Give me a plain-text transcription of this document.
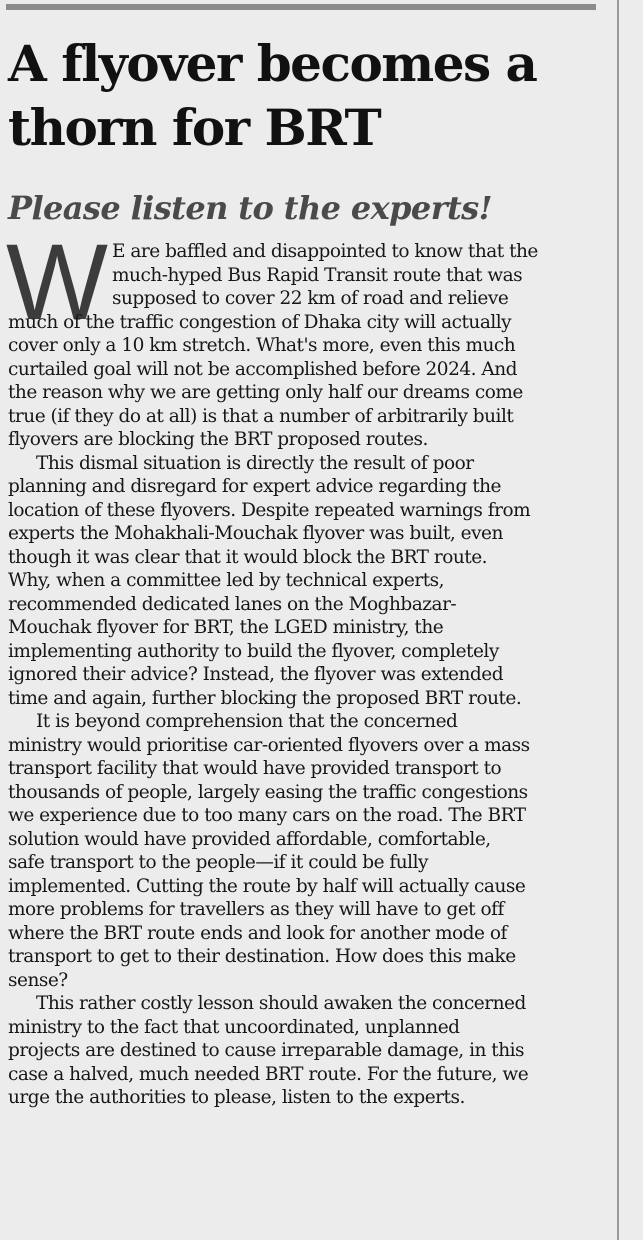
A flyover becomes a
thorn for BRT
Please listen to the experts!
W E are baffled and disappointed to know that the
much-hyped Bus Rapid Transit route that was
supposed to cover 22 km of road and relieve
much of the traffic congestion of Dhaka city will actually
cover only a 10 km stretch. What's more, even this much
curtailed goal will not be accomplished before 2024. And
the reason why we are getting only half our dreams come
true (if they do at all) is that a number of arbitrarily built
flyovers are blocking the BRT proposed routes.
This dismal situation is directly the result of poor
planning and disregard for expert advice regarding the
location of these flyovers. Despite repeated warnings from
experts the Mohakhali-Mouchak flyover was built, even
though it was clear that it would block the BRT route.
Why, when a committee led by technical experts,
recommended dedicated lanes on the Moghbazar-
Mouchak flyover for BRT, the LGED ministry, the
implementing authority to build the flyover, completely
ignored their advice? Instead, the flyover was extended
time and again, further blocking the proposed BRT route.
It is beyond comprehension that the concerned
ministry would prioritise car-oriented flyovers over a mass
transport facility that would have provided transport to
thousands of people, largely easing the traffic congestions
we experience due to too many cars on the road. The BRT
solution would have provided affordable, comfortable,
safe transport to the people—if it could be fully
implemented. Cutting the route by half will actually cause
more problems for travellers as they will have to get off
where the BRT route ends and look for another mode of
transport to get to their destination. How does this make
sense?
This rather costly lesson should awaken the concerned
ministry to the fact that uncoordinated, unplanned
projects are destined to cause irreparable damage, in this
case a halved, much needed BRT route. For the future, we
urge the authorities to please, listen to the experts.
